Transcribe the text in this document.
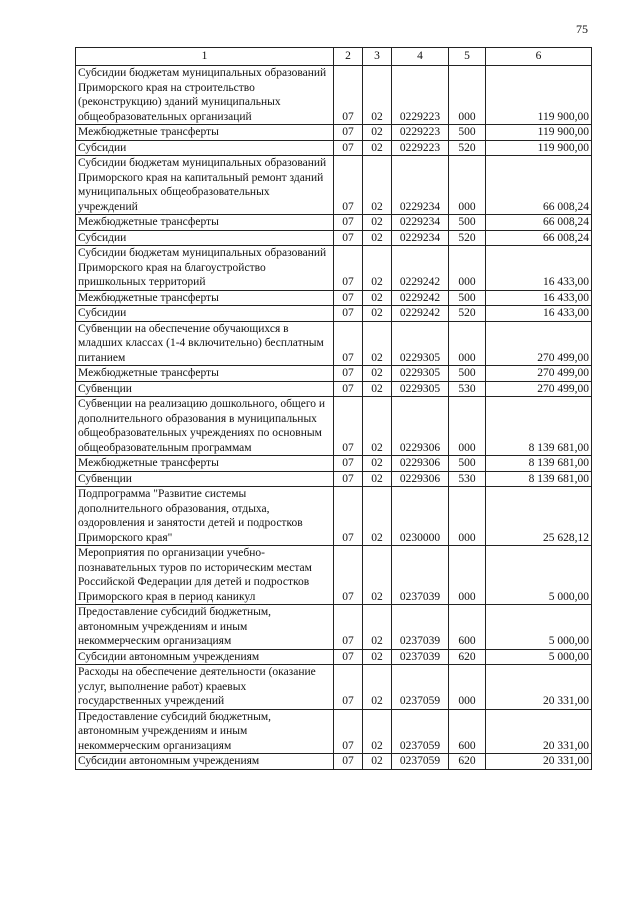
75
1	2	3	4	5	6
Субсидии бюджетам муниципальных образований Приморского края на строительство (реконструкцию) зданий муниципальных общеобразовательных организаций	07	02	0229223	000	119 900,00
Межбюджетные трансферты	07	02	0229223	500	119 900,00
Субсидии	07	02	0229223	520	119 900,00
Субсидии бюджетам муниципальных образований Приморского края на капитальный ремонт зданий муниципальных общеобразовательных учреждений	07	02	0229234	000	66 008,24
Межбюджетные трансферты	07	02	0229234	500	66 008,24
Субсидии	07	02	0229234	520	66 008,24
Субсидии бюджетам муниципальных образований Приморского края на благоустройство пришкольных территорий	07	02	0229242	000	16 433,00
Межбюджетные трансферты	07	02	0229242	500	16 433,00
Субсидии	07	02	0229242	520	16 433,00
Субвенции на обеспечение обучающихся в младших классах (1-4 включительно) бесплатным питанием	07	02	0229305	000	270 499,00
Межбюджетные трансферты	07	02	0229305	500	270 499,00
Субвенции	07	02	0229305	530	270 499,00
Субвенции на реализацию дошкольного, общего и дополнительного образования в муниципальных общеобразовательных учреждениях по основным общеобразовательным программам	07	02	0229306	000	8 139 681,00
Межбюджетные трансферты	07	02	0229306	500	8 139 681,00
Субвенции	07	02	0229306	530	8 139 681,00
Подпрограмма "Развитие системы дополнительного образования, отдыха, оздоровления и занятости детей и подростков Приморского края"	07	02	0230000	000	25 628,12
Мероприятия по организации учебно-познавательных туров по историческим местам Российской Федерации для детей и подростков Приморского края в период каникул	07	02	0237039	000	5 000,00
Предоставление субсидий бюджетным, автономным учреждениям и иным некоммерческим организациям	07	02	0237039	600	5 000,00
Субсидии автономным учреждениям	07	02	0237039	620	5 000,00
Расходы на обеспечение деятельности (оказание услуг, выполнение работ) краевых государственных учреждений	07	02	0237059	000	20 331,00
Предоставление субсидий бюджетным, автономным учреждениям и иным некоммерческим организациям	07	02	0237059	600	20 331,00
Субсидии автономным учреждениям	07	02	0237059	620	20 331,00
